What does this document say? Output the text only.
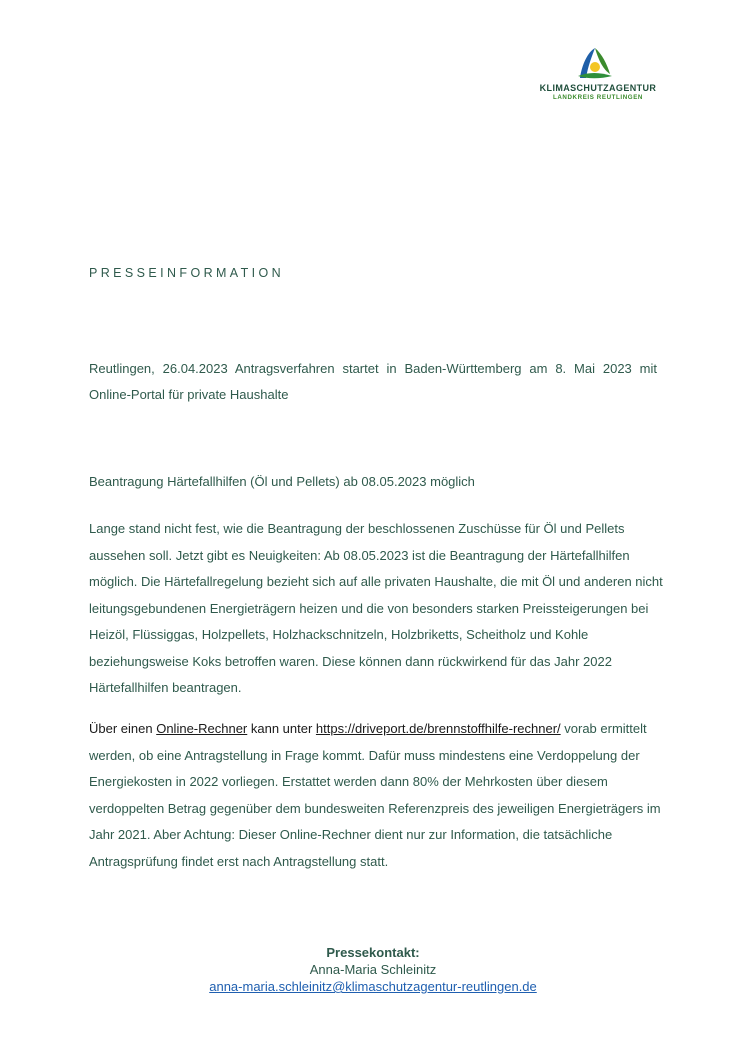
KLIMASCHUTZAGENTUR
LANDKREIS REUTLINGEN
PRESSEINFORMATION
Reutlingen, 26.04.2023 Antragsverfahren startet in Baden-Württemberg am 8. Mai 2023 mit Online-Portal für private Haushalte
Beantragung Härtefallhilfen (Öl und Pellets) ab 08.05.2023 möglich
Lange stand nicht fest, wie die Beantragung der beschlossenen Zuschüsse für Öl und Pellets aussehen soll. Jetzt gibt es Neuigkeiten: Ab 08.05.2023 ist die Beantragung der Härtefallhilfen möglich. Die Härtefallregelung bezieht sich auf alle privaten Haushalte, die mit Öl und anderen nicht leitungsgebundenen Energieträgern heizen und die von besonders starken Preissteigerungen bei Heizöl, Flüssiggas, Holzpellets, Holzhackschnitzeln, Holzbriketts, Scheitholz und Kohle beziehungsweise Koks betroffen waren. Diese können dann rückwirkend für das Jahr 2022 Härtefallhilfen beantragen.
Über einen Online-Rechner kann unter https://driveport.de/brennstoffhilfe-rechner/ vorab ermittelt werden, ob eine Antragstellung in Frage kommt. Dafür muss mindestens eine Verdoppelung der Energiekosten in 2022 vorliegen. Erstattet werden dann 80% der Mehrkosten über diesem verdoppelten Betrag gegenüber dem bundesweiten Referenzpreis des jeweiligen Energieträgers im Jahr 2021. Aber Achtung: Dieser Online-Rechner dient nur zur Information, die tatsächliche Antragsprüfung findet erst nach Antragstellung statt.
Pressekontakt:
Anna-Maria Schleinitz
anna-maria.schleinitz@klimaschutzagentur-reutlingen.de
